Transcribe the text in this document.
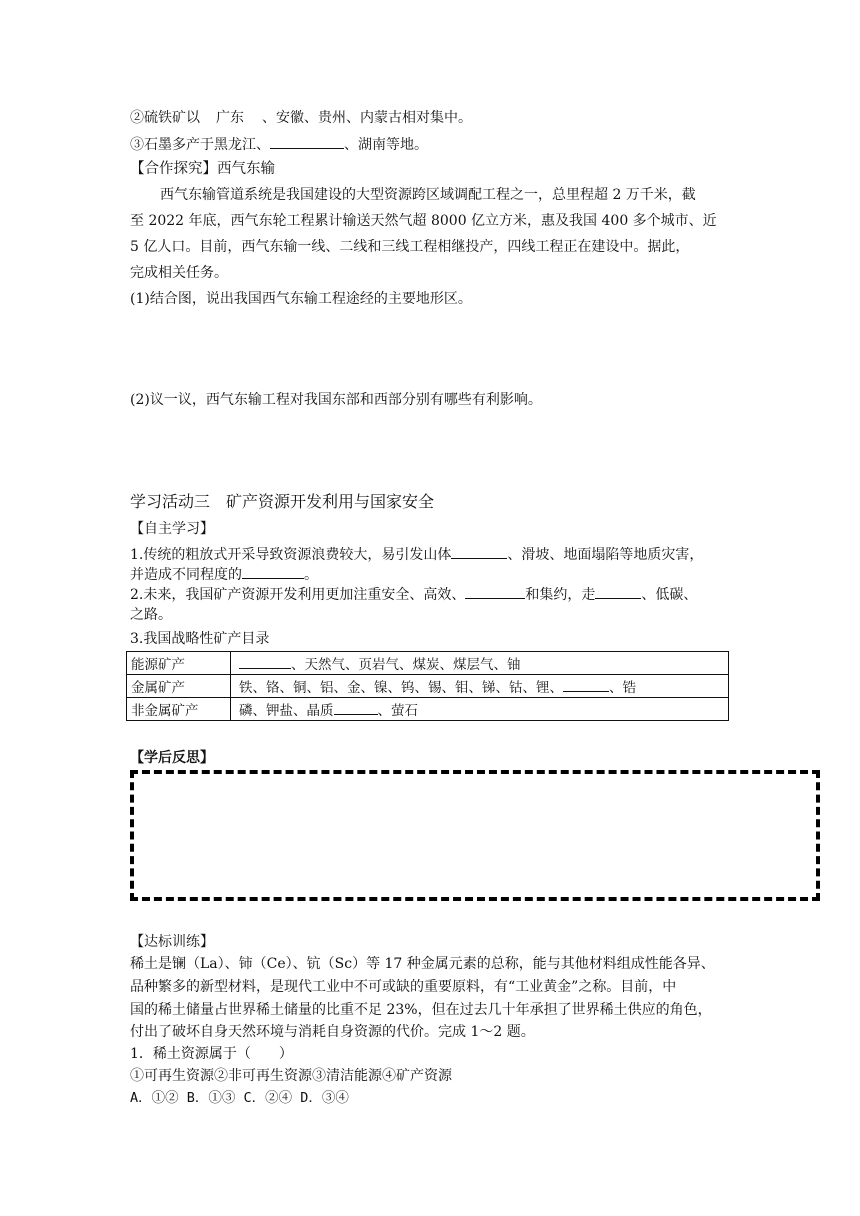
②硫铁矿以 广东 、安徽、贵州、内蒙古相对集中。
③石墨多产于黑龙江、	、湖南等地。
【合作探究】西气东输
西气东输管道系统是我国建设的大型资源跨区域调配工程之一，总里程超 2 万千米，截
至 2022 年底，西气东轮工程累计输送天然气超 8000 亿立方米，惠及我国 400 多个城市、近
5 亿人口。目前，西气东输一线、二线和三线工程相继投产，四线工程正在建设中。据此，
完成相关任务。
(1)结合图，说出我国西气东输工程途经的主要地形区。
(2)议一议，西气东输工程对我国东部和西部分别有哪些有利影响。
学习活动三　矿产资源开发利用与国家安全
【自主学习】
1.传统的粗放式开采导致资源浪费较大，易引发山体	、滑坡、地面塌陷等地质灾害，
并造成不同程度的	。
2.未来，我国矿产资源开发利用更加注重安全、高效、	和集约，走	、低碳、
之路。
3.我国战略性矿产目录
能源矿产	、天然气、页岩气、煤炭、煤层气、铀
金属矿产	铁、铬、铜、铝、金、镍、钨、锡、钼、锑、钴、锂、 、锆
非金属矿产	磷、钾盐、晶质 、萤石
【学后反思】
【达标训练】
稀土是镧（La）、铈（Ce）、钪（Sc）等 17 种金属元素的总称，能与其他材料组成性能各异、
品种繁多的新型材料，是现代工业中不可或缺的重要原料，有“工业黄金”之称。目前，中
国的稀土储量占世界稀土储量的比重不足 23%，但在过去几十年承担了世界稀土供应的角色，
付出了破坏自身天然环境与消耗自身资源的代价。完成 1～2 题。
1．稀土资源属于（　　）
①可再生资源②非可再生资源③清洁能源④矿产资源
A．①② B．①③ C．②④ D．③④
